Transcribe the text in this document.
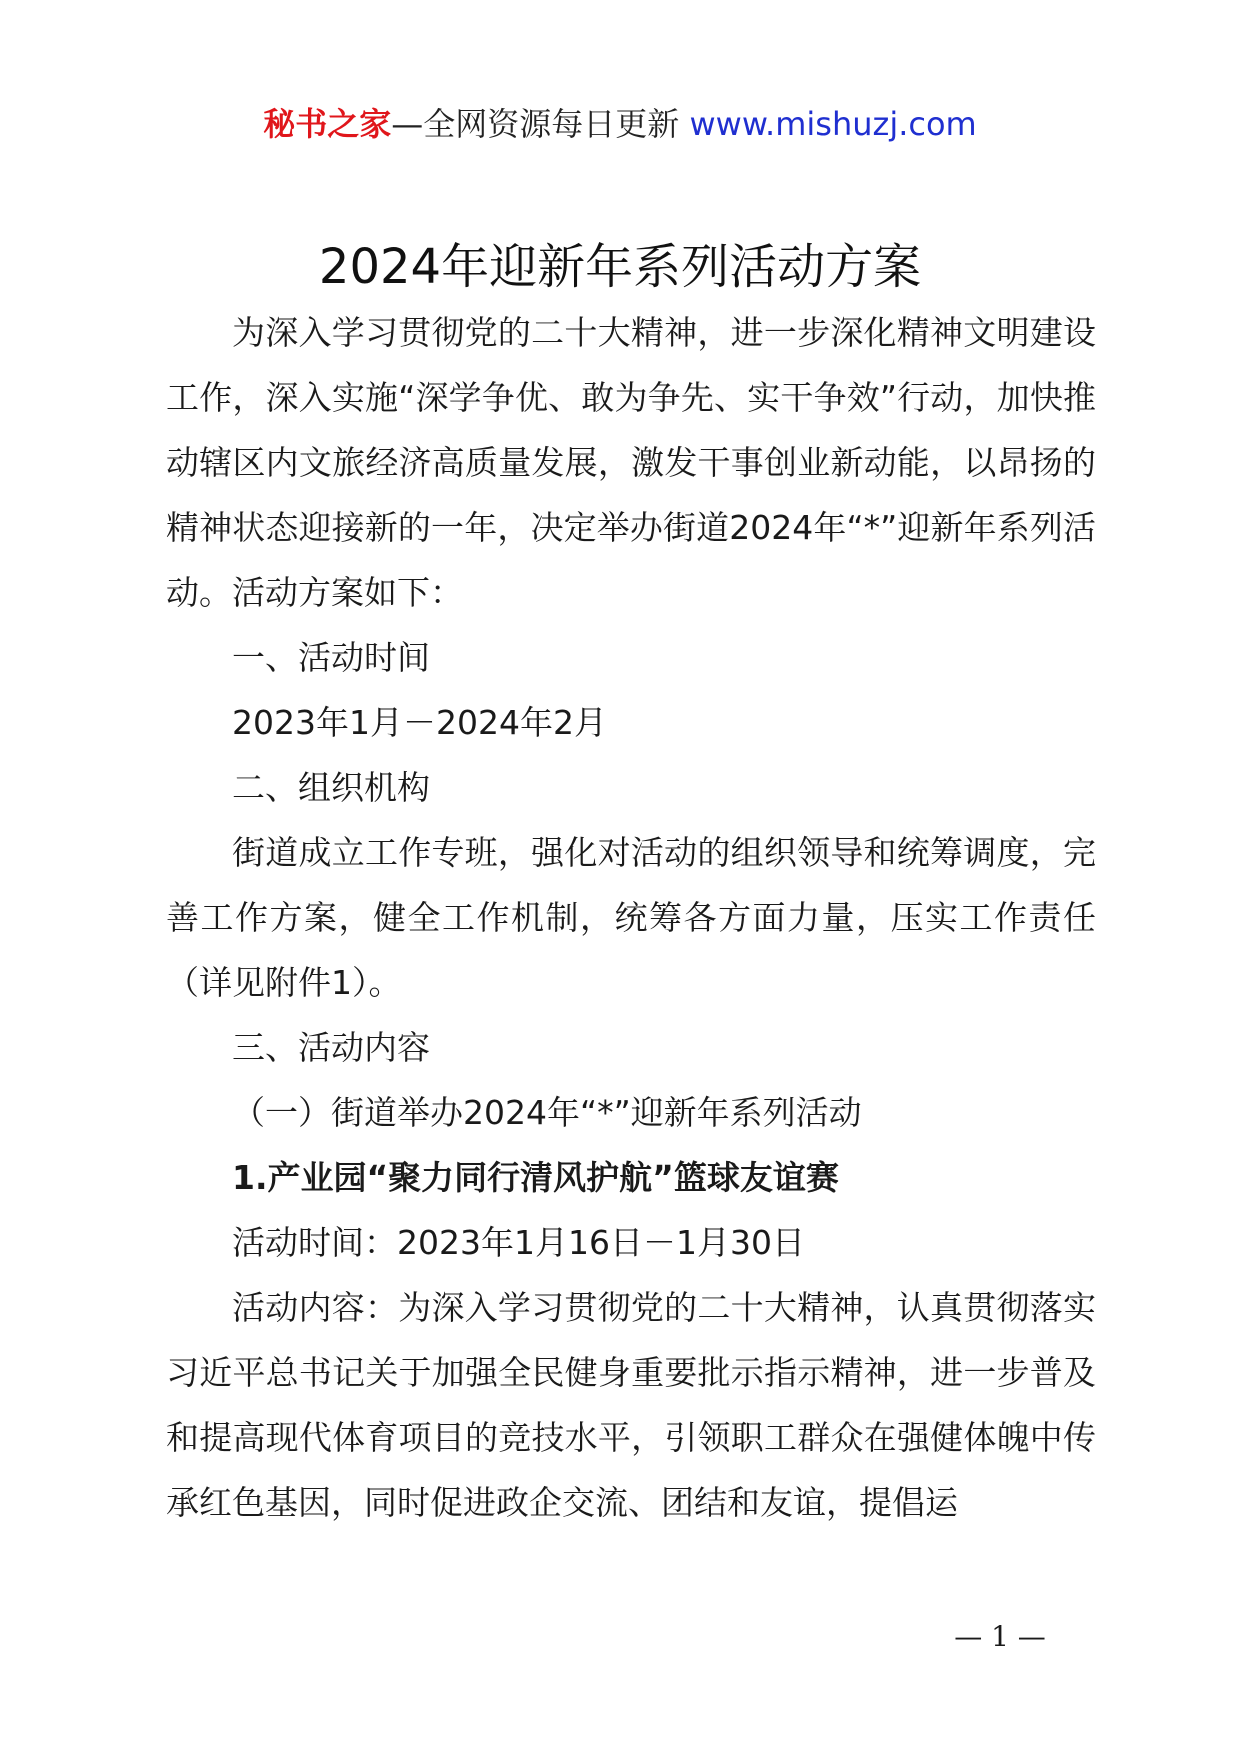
秘书之家—全网资源每日更新 www.mishuzj.com
2024年迎新年系列活动方案

为深入学习贯彻党的二十大精神，进一步深化精神文明建设工作，深入实施“深学争优、敢为争先、实干争效”行动，加快推动辖区内文旅经济高质量发展，激发干事创业新动能，以昂扬的精神状态迎接新的一年，决定举办街道2024年“*”迎新年系列活动。活动方案如下：

一、活动时间

2023年1月－2024年2月

二、组织机构

街道成立工作专班，强化对活动的组织领导和统筹调度，完善工作方案，健全工作机制，统筹各方面力量，压实工作责任（详见附件1）。

三、活动内容

（一）街道举办2024年“*”迎新年系列活动

1.产业园“聚力同行清风护航”篮球友谊赛

活动时间：2023年1月16日－1月30日

活动内容：为深入学习贯彻党的二十大精神，认真贯彻落实习近平总书记关于加强全民健身重要批示指示精神，进一步普及和提高现代体育项目的竞技水平，引领职工群众在强健体魄中传承红色基因，同时促进政企交流、团结和友谊，提倡运

— 1 —
